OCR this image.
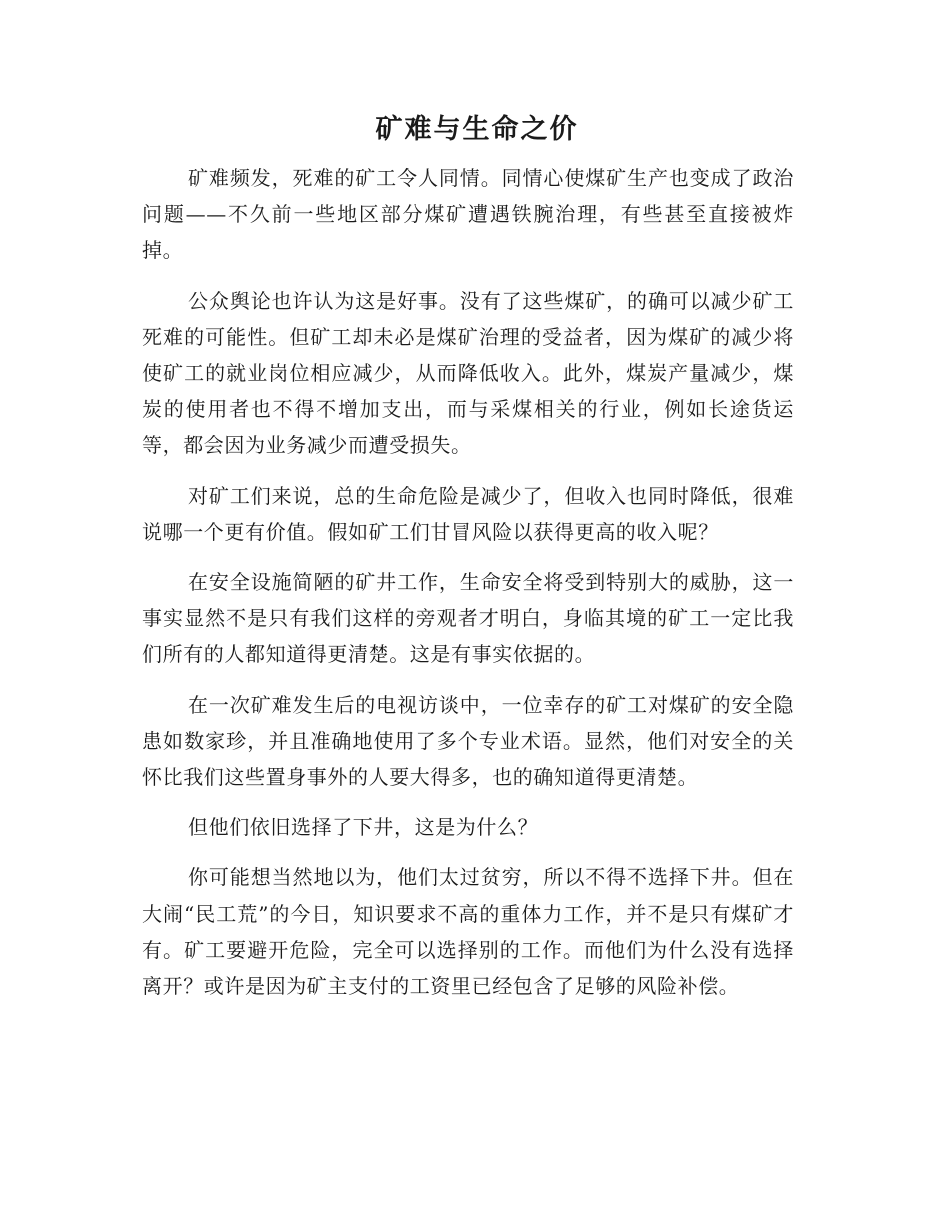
矿难与生命之价

矿难频发，死难的矿工令人同情。同情心使煤矿生产也变成了政治问题——不久前一些地区部分煤矿遭遇铁腕治理，有些甚至直接被炸掉。

公众舆论也许认为这是好事。没有了这些煤矿，的确可以减少矿工死难的可能性。但矿工却未必是煤矿治理的受益者，因为煤矿的减少将使矿工的就业岗位相应减少，从而降低收入。此外，煤炭产量减少，煤炭的使用者也不得不增加支出，而与采煤相关的行业，例如长途货运等，都会因为业务减少而遭受损失。

对矿工们来说，总的生命危险是减少了，但收入也同时降低，很难说哪一个更有价值。假如矿工们甘冒风险以获得更高的收入呢？

在安全设施简陋的矿井工作，生命安全将受到特别大的威胁，这一事实显然不是只有我们这样的旁观者才明白，身临其境的矿工一定比我们所有的人都知道得更清楚。这是有事实依据的。

在一次矿难发生后的电视访谈中，一位幸存的矿工对煤矿的安全隐患如数家珍，并且准确地使用了多个专业术语。显然，他们对安全的关怀比我们这些置身事外的人要大得多，也的确知道得更清楚。

但他们依旧选择了下井，这是为什么？

你可能想当然地以为，他们太过贫穷，所以不得不选择下井。但在大闹“民工荒”的今日，知识要求不高的重体力工作，并不是只有煤矿才有。矿工要避开危险，完全可以选择别的工作。而他们为什么没有选择离开？或许是因为矿主支付的工资里已经包含了足够的风险补偿。
